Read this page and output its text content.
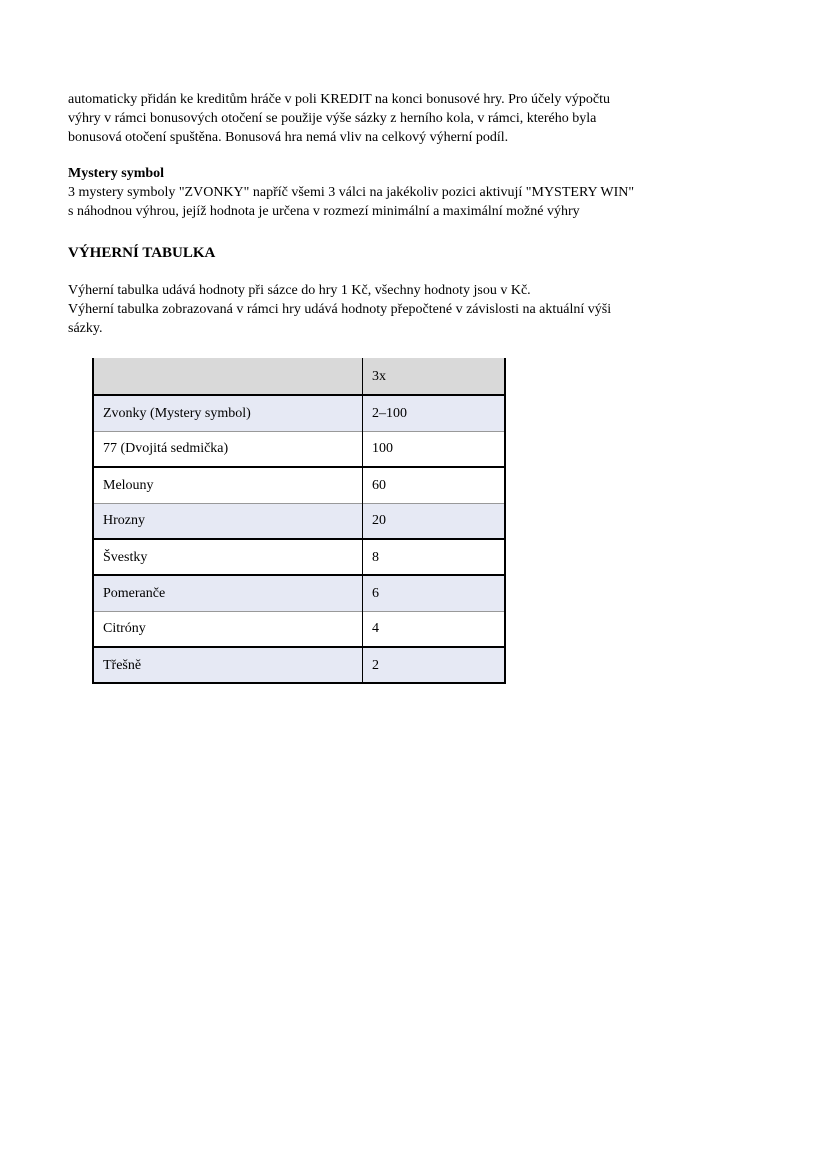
automaticky přidán ke kreditům hráče v poli KREDIT na konci bonusové hry. Pro účely výpočtu
výhry v rámci bonusových otočení se použije výše sázky z herního kola, v rámci, kterého byla
bonusová otočení spuštěna. Bonusová hra nemá vliv na celkový výherní podíl.
Mystery symbol
3 mystery symboly "ZVONKY" napříč všemi 3 válci na jakékoliv pozici aktivují "MYSTERY WIN"
s náhodnou výhrou, jejíž hodnota je určena v rozmezí minimální a maximální možné výhry
VÝHERNÍ TABULKA
Výherní tabulka udává hodnoty při sázce do hry 1 Kč, všechny hodnoty jsou v Kč.
Výherní tabulka zobrazovaná v rámci hry udává hodnoty přepočtené v závislosti na aktuální výši
sázky.
	3x
Zvonky (Mystery symbol)	2–100
77 (Dvojitá sedmička)	100
Melouny	60
Hrozny	20
Švestky	8
Pomeranče	6
Citróny	4
Třešně	2
